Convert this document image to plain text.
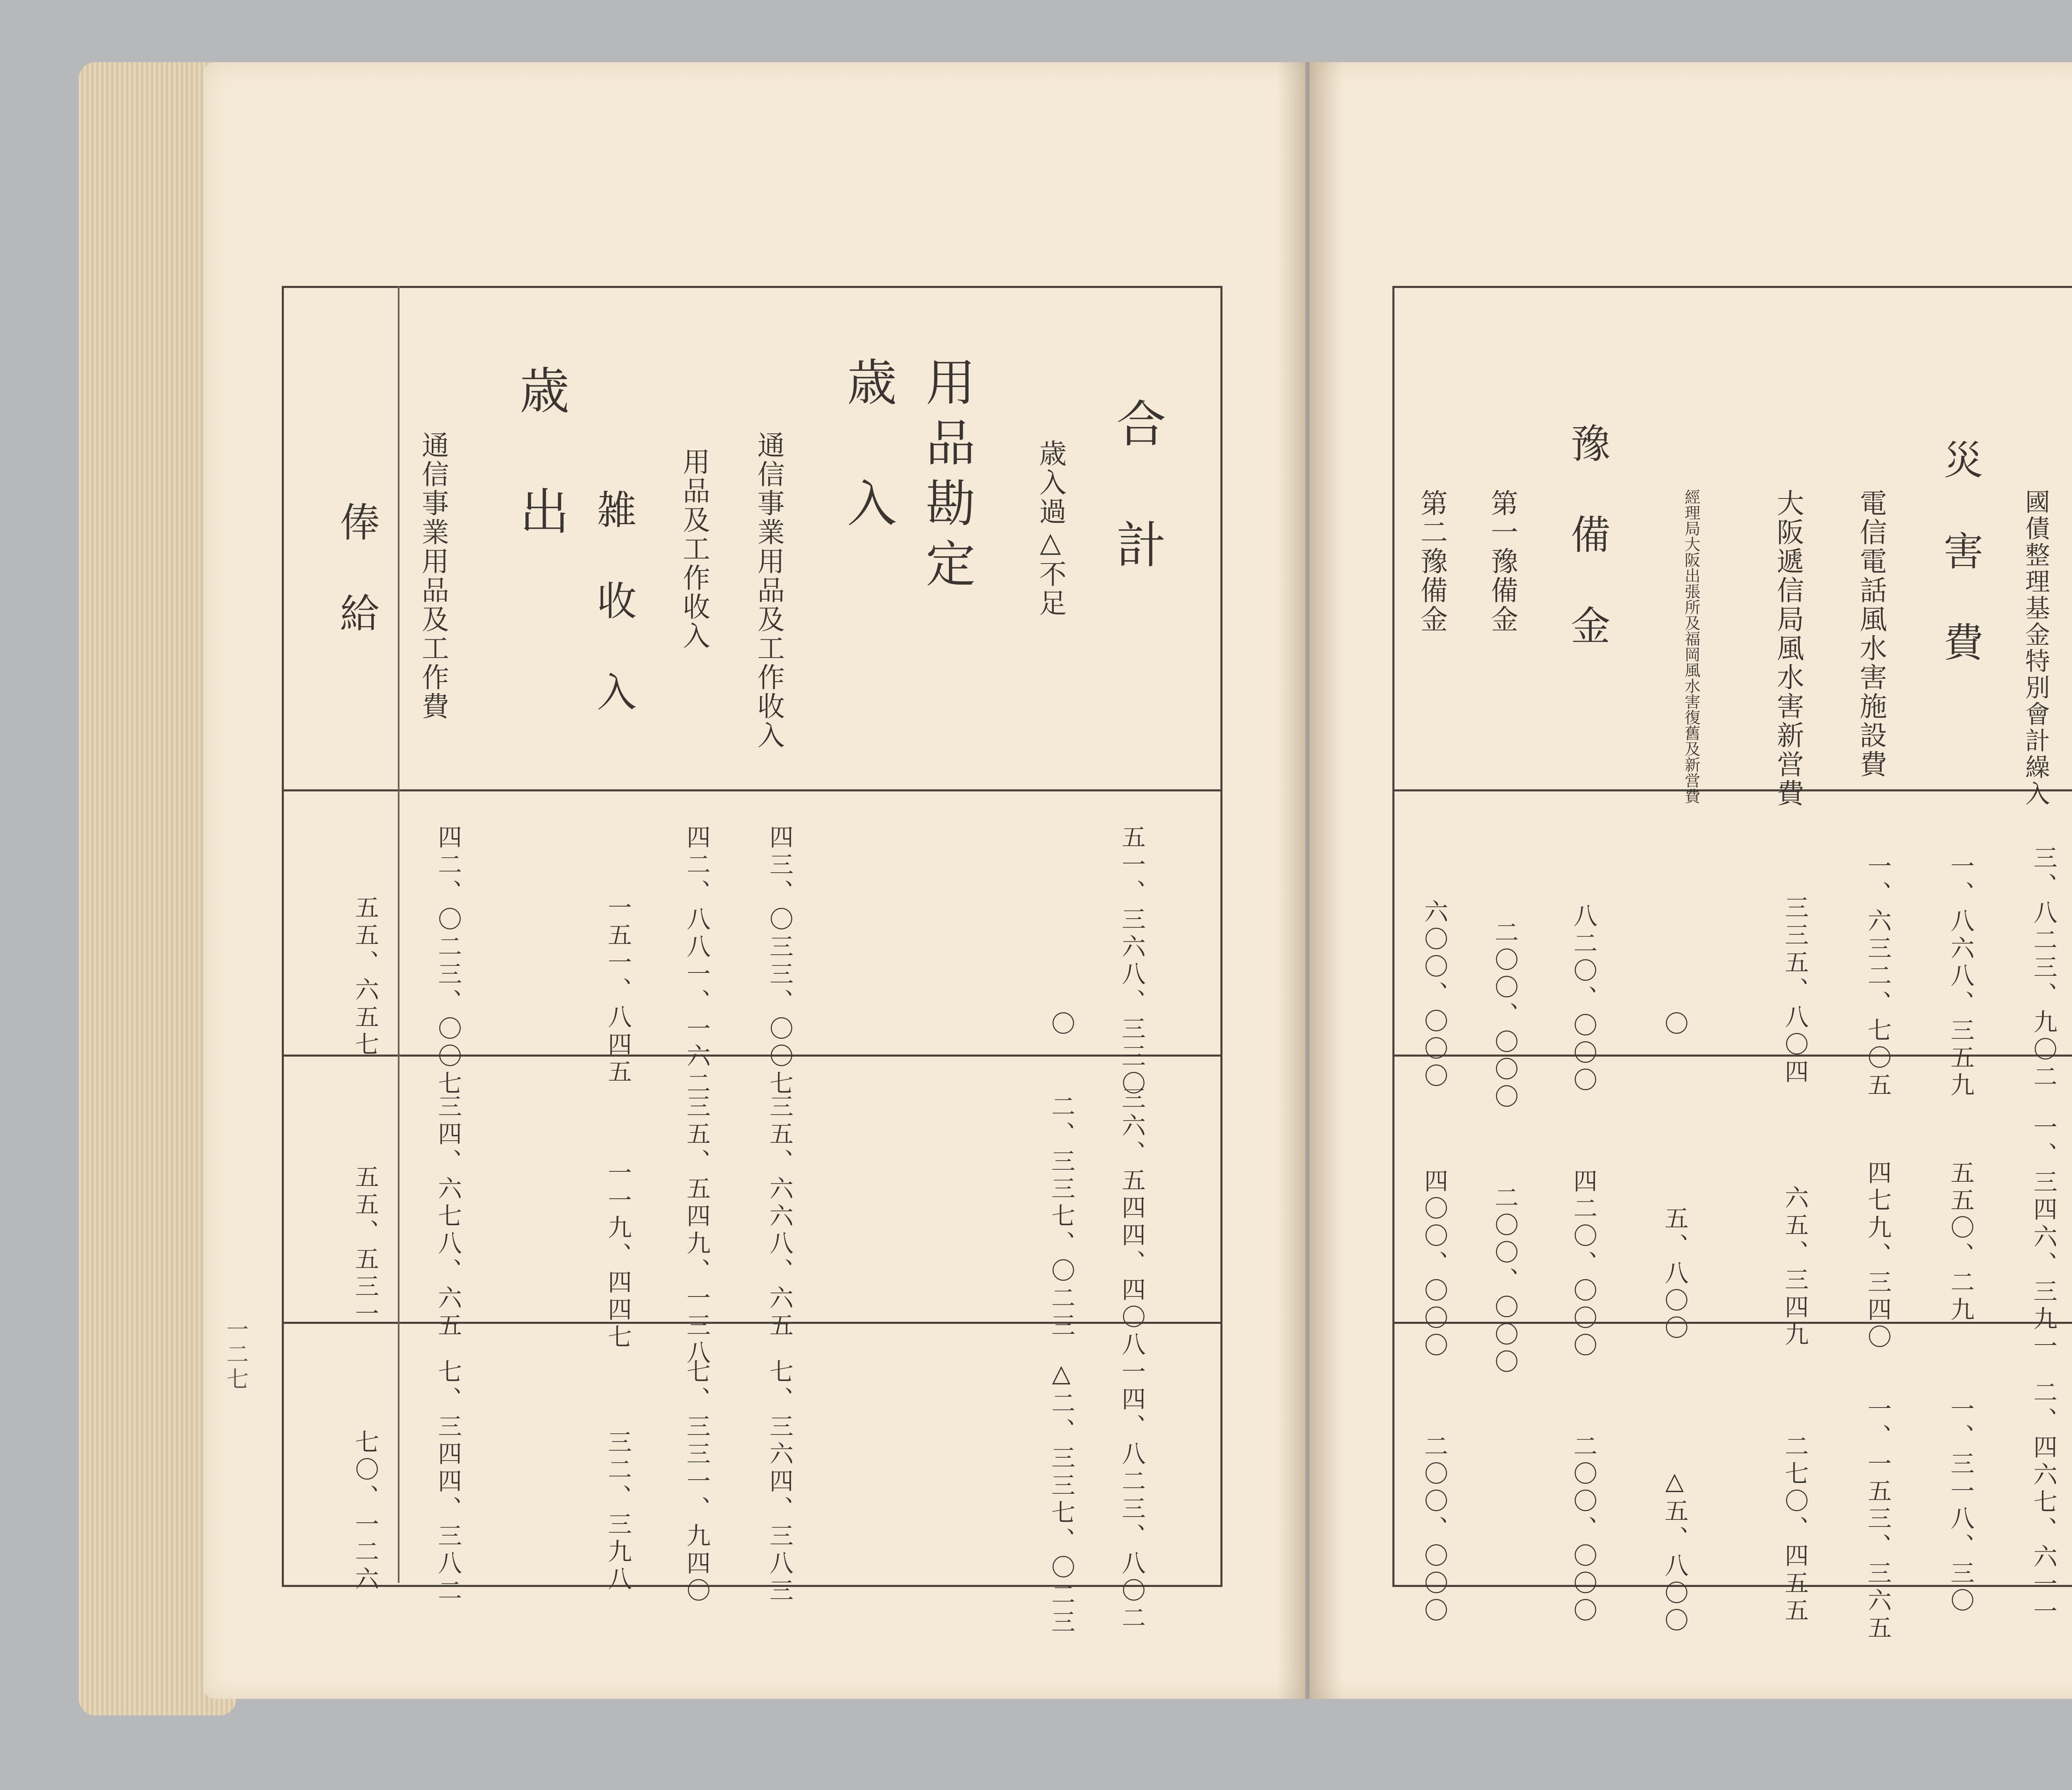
合　計
歳入過△不足
用品勘定
歳　入
通信事業用品及工作收入
用品及工作收入
雑　收　入
歳　出
通信事業用品及工作費
俸　給
五一、三六八、三三〇
〇
四三、〇三三、〇〇七
四二、八八一、一六二
一五一、八四五
四二、〇二三、〇〇七
五五、六五七
三六、五四四、四〇八
二、三三七、〇二三
三五、六六八、六五
三五、五四九、一三八
一一九、四四七
三四、六七八、六五
五五、五三一
一四、八二三、八〇二
△二、三三七、〇二三
七、三六四、三八三
七、三三一、九四〇
三二、三九八
七、三四四、三八二
七〇、一二六
一二七
國債整理基金特別會計繰入
災　害　費
電信電話風水害施設費
大阪遞信局風水害新営費
經理局大阪出張所及福岡風水害復舊及新営費
豫　備　金
第一豫備金
第二豫備金
三、八二三、九〇二
一、八六八、三五九
一、六三二、七〇五
三三五、八〇四
〇
八二〇、〇〇〇
二〇〇、〇〇〇
六〇〇、〇〇〇
一、三四六、三九一
五五〇、二九
四七九、三四〇
六五、三四九
五、八〇〇
四二〇、〇〇〇
二〇〇、〇〇〇
四〇〇、〇〇〇
二、四六七、六一一
一、三一八、三〇
一、一五三、三六五
二七〇、四五五
△五、八〇〇
二〇〇、〇〇〇
二〇〇、〇〇〇
